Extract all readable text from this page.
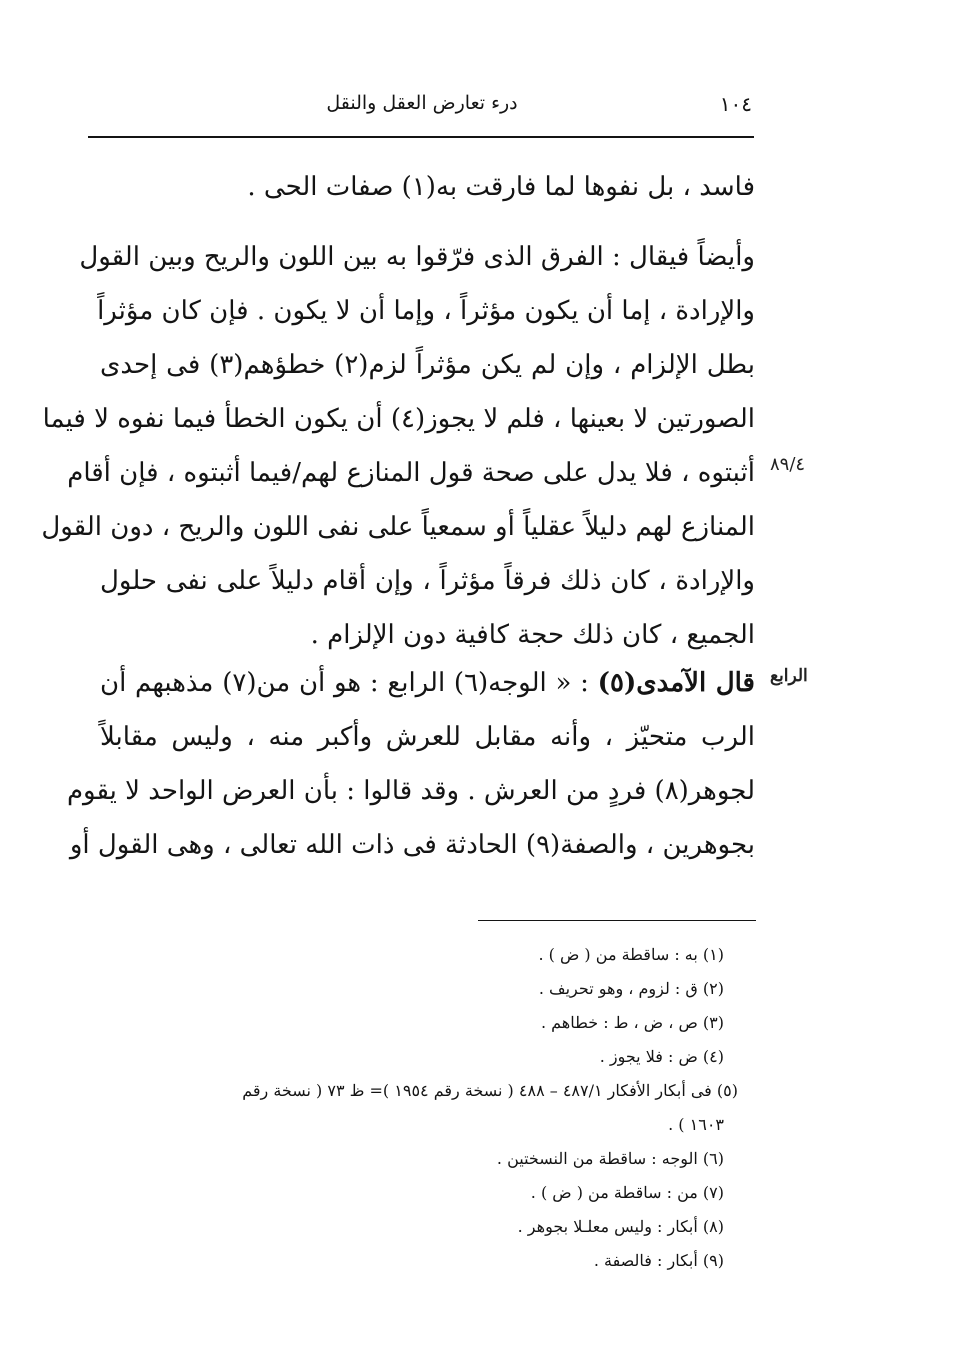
١٠٤
درء تعارض العقل والنقل
فاسد ، بل نفوها لما فارقت به(١) صفات الحى .
وأيضاً فيقال : الفرق الذى فرّقوا به بين اللون والريح وبين القول
والإرادة ، إما أن يكون مؤثراً ، وإما أن لا يكون . فإن كان مؤثراً
بطل الإلزام ، وإن لم يكن مؤثراً لزم(٢) خطؤهم(٣) فى إحدى
الصورتين لا بعينها ، فلم لا يجوز(٤) أن يكون الخطأ فيما نفوه لا فيما
أثبتوه ، فلا يدل على صحة قول المنازع لهم/فيما أثبتوه ، فإن أقام
المنازع لهم دليلاً عقلياً أو سمعياً على نفى اللون والريح ، دون القول
والإرادة ، كان ذلك فرقاً مؤثراً ، وإن أقام دليلاً على نفى حلول
الجميع ، كان ذلك حجة كافية دون الإلزام .
قال الآمدى(٥) : « الوجه(٦) الرابع : هو أن من(٧) مذهبهم أن
الرب متحيّز ، وأنه مقابل للعرش وأكبر منه ، وليس مقابلاً
لجوهر(٨) فردٍ من العرش . وقد قالوا : بأن العرض الواحد لا يقوم
بجوهرين ، والصفة(٩) الحادثة فى ذات الله تعالى ، وهى القول أو
٨٩/٤
الرابع
(١) به : ساقطة من ( ض ) .
(٢) ق : لزوم ، وهو تحريف .
(٣) ص ، ض ، ط : خطاهم .
(٤) ض : فلا يجوز .
(٥) فى أبكار الأفكار ٤٨٧/١ – ٤٨٨ ( نسخة رقم ١٩٥٤ )= ظ ٧٣ ( نسخة رقم
١٦٠٣ ) .
(٦) الوجه : ساقطة من النسختين .
(٧) من : ساقطة من ( ض ) .
(٨) أبكار : وليس معلـلا بجوهر .
(٩) أبكار : فالصفة .
